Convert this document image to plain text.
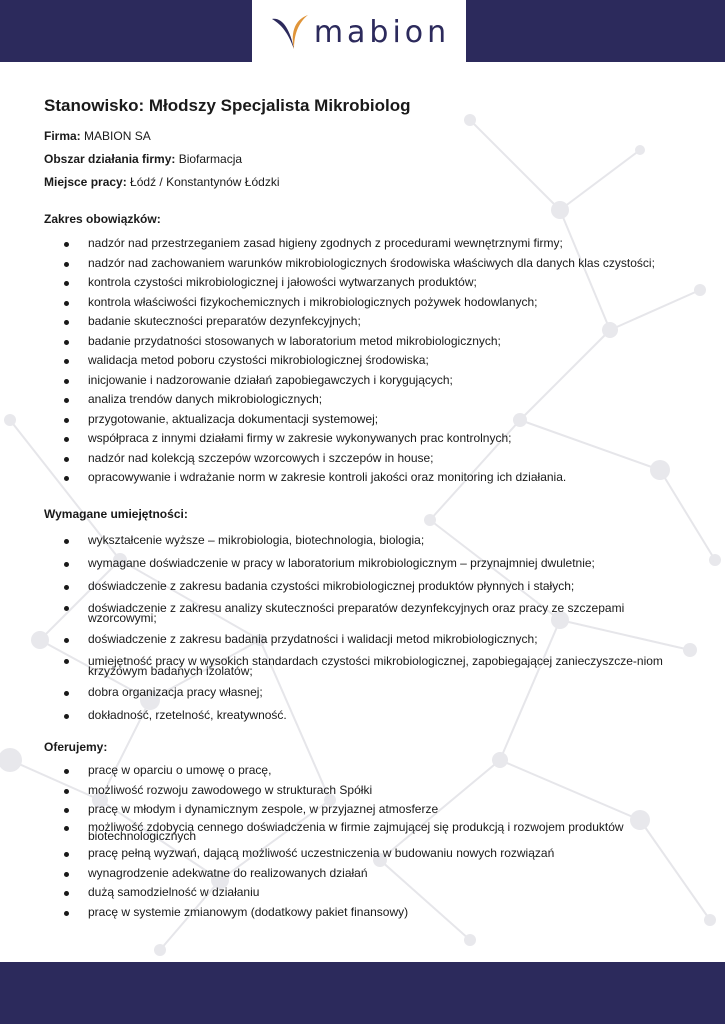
mabion
Stanowisko: Młodszy Specjalista Mikrobiolog
Firma: MABION SA
Obszar działania firmy: Biofarmacja
Miejsce pracy: Łódź / Konstantynów Łódzki

Zakres obowiązków:

nadzór nad przestrzeganiem zasad higieny zgodnych z procedurami wewnętrznymi firmy;
nadzór nad zachowaniem warunków mikrobiologicznych środowiska właściwych dla danych klas czystości;
kontrola czystości mikrobiologicznej i jałowości wytwarzanych produktów;
kontrola właściwości fizykochemicznych i mikrobiologicznych pożywek hodowlanych;
badanie skuteczności preparatów dezynfekcyjnych;
badanie przydatności stosowanych w laboratorium metod mikrobiologicznych;
walidacja metod poboru czystości mikrobiologicznej środowiska;
inicjowanie i nadzorowanie działań zapobiegawczych i korygujących;
analiza trendów danych mikrobiologicznych;
przygotowanie, aktualizacja dokumentacji systemowej;
współpraca z innymi działami firmy w zakresie wykonywanych prac kontrolnych;
nadzór nad kolekcją szczepów wzorcowych i szczepów in house;
opracowywanie i wdrażanie norm w zakresie kontroli jakości oraz monitoring ich działania.

Wymagane umiejętności:

wykształcenie wyższe – mikrobiologia, biotechnologia, biologia;
wymagane doświadczenie w pracy w laboratorium mikrobiologicznym – przynajmniej dwuletnie;
doświadczenie z zakresu badania czystości mikrobiologicznej produktów płynnych i stałych;
doświadczenie z zakresu analizy skuteczności preparatów dezynfekcyjnych oraz pracy ze szczepami wzorcowymi;
doświadczenie z zakresu badania przydatności i walidacji metod mikrobiologicznych;
umiejętność pracy w wysokich standardach czystości mikrobiologicznej, zapobiegającej zanieczyszcze-niom krzyżowym badanych izolatów;
dobra organizacja pracy własnej;
dokładność, rzetelność, kreatywność.

Oferujemy:

pracę w oparciu o umowę o pracę,
możliwość rozwoju zawodowego w strukturach Spółki
pracę w młodym i dynamicznym zespole, w przyjaznej atmosferze
możliwość zdobycia cennego doświadczenia w firmie zajmującej się produkcją i rozwojem produktów biotechnologicznych
pracę pełną wyzwań, dającą możliwość uczestniczenia w budowaniu nowych rozwiązań
wynagrodzenie adekwatne do realizowanych działań
dużą samodzielność w działaniu
pracę w systemie zmianowym (dodatkowy pakiet finansowy)
